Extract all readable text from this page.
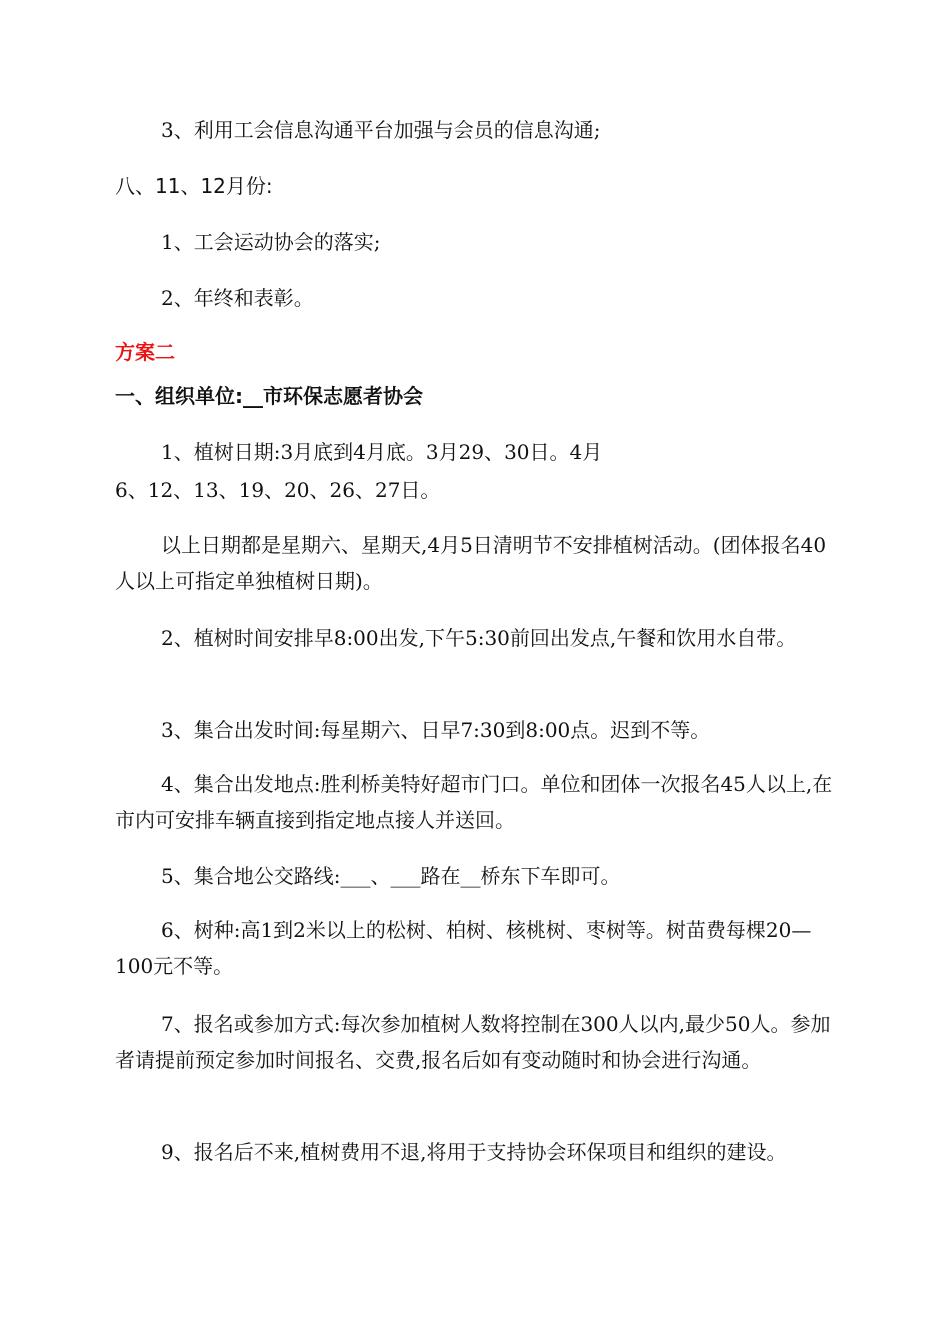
3、利用工会信息沟通平台加强与会员的信息沟通;

八、11、12月份:

1、工会运动协会的落实;

2、年终和表彰。

方案二

一、组织单位:__市环保志愿者协会

1、植树日期:3月底到4月底。3月29、30日。4月

6、12、13、19、20、26、27日。

以上日期都是星期六、星期天,4月5日清明节不安排植树活动。(团体报名40人以上可指定单独植树日期)。

2、植树时间安排早8:00出发,下午5:30前回出发点,午餐和饮用水自带。

3、集合出发时间:每星期六、日早7:30到8:00点。迟到不等。

4、集合出发地点:胜利桥美特好超市门口。单位和团体一次报名45人以上,在市内可安排车辆直接到指定地点接人并送回。

5、集合地公交路线:___、___路在__桥东下车即可。

6、树种:高1到2米以上的松树、柏树、核桃树、枣树等。树苗费每棵20—100元不等。

7、报名或参加方式:每次参加植树人数将控制在300人以内,最少50人。参加者请提前预定参加时间报名、交费,报名后如有变动随时和协会进行沟通。

9、报名后不来,植树费用不退,将用于支持协会环保项目和组织的建设。
